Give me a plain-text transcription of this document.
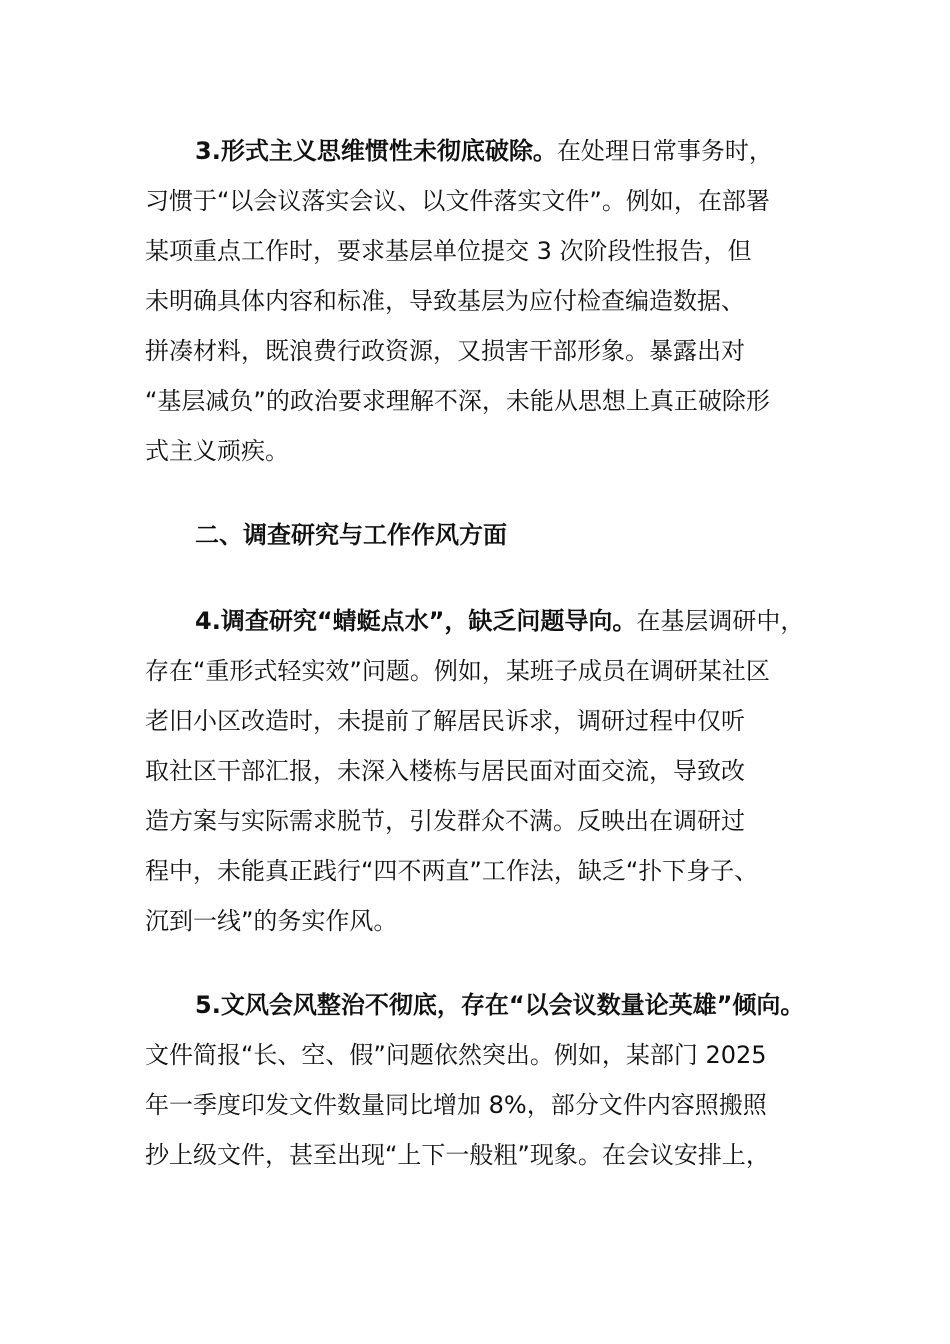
3.形式主义思维惯性未彻底破除。在处理日常事务时，
习惯于“以会议落实会议、以文件落实文件”。例如，在部署
某项重点工作时，要求基层单位提交 3 次阶段性报告，但
未明确具体内容和标准，导致基层为应付检查编造数据、
拼凑材料，既浪费行政资源，又损害干部形象。暴露出对
“基层减负”的政治要求理解不深，未能从思想上真正破除形
式主义顽疾。
二、调查研究与工作作风方面
4.调查研究“蜻蜓点水”，缺乏问题导向。在基层调研中，
存在“重形式轻实效”问题。例如，某班子成员在调研某社区
老旧小区改造时，未提前了解居民诉求，调研过程中仅听
取社区干部汇报，未深入楼栋与居民面对面交流，导致改
造方案与实际需求脱节，引发群众不满。反映出在调研过
程中，未能真正践行“四不两直”工作法，缺乏“扑下身子、
沉到一线”的务实作风。
5.文风会风整治不彻底，存在“以会议数量论英雄”倾向。
文件简报“长、空、假”问题依然突出。例如，某部门 2025
年一季度印发文件数量同比增加 8%，部分文件内容照搬照
抄上级文件，甚至出现“上下一般粗”现象。在会议安排上，
